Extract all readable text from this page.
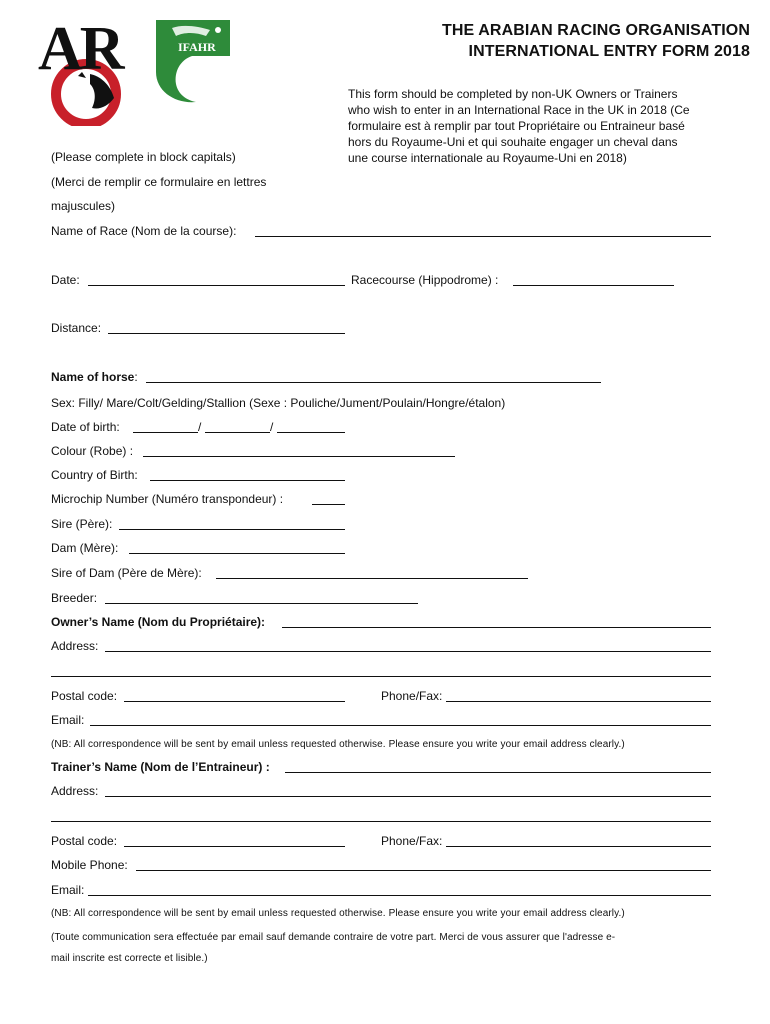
AR	IFAHR
THE ARABIAN RACING ORGANISATION
INTERNATIONAL ENTRY FORM 2018
This form should be completed by non-UK Owners or Trainers
who wish to enter in an International Race in the UK in 2018 (Ce
formulaire est à remplir par tout Propriétaire ou Entraineur basé
hors du Royaume-Uni et qui souhaite engager un cheval dans
une course internationale au Royaume-Uni en 2018)
(Please complete in block capitals)
(Merci de remplir ce formulaire en lettres
majuscules)
Name of Race (Nom de la course):
Date:	Racecourse (Hippodrome) :
Distance:
Name of horse:
Sex: Filly/ Mare/Colt/Gelding/Stallion (Sexe : Pouliche/Jument/Poulain/Hongre/étalon)
Date of birth:	/	/
Colour (Robe) :
Country of Birth:
Microchip Number (Numéro transpondeur) :
Sire (Père):
Dam (Mère):
Sire of Dam (Père de Mère):
Breeder:
Owner’s Name (Nom du Propriétaire):
Address:
Postal code:	Phone/Fax:
Email:
(NB: All correspondence will be sent by email unless requested otherwise. Please ensure you write your email address clearly.)
Trainer’s Name (Nom de l’Entraineur) :
Address:
Postal code:	Phone/Fax:
Mobile Phone:
Email:
(NB: All correspondence will be sent by email unless requested otherwise. Please ensure you write your email address clearly.)
(Toute communication sera effectuée par email sauf demande contraire de votre part. Merci de vous assurer que l'adresse e-
mail inscrite est correcte et lisible.)
